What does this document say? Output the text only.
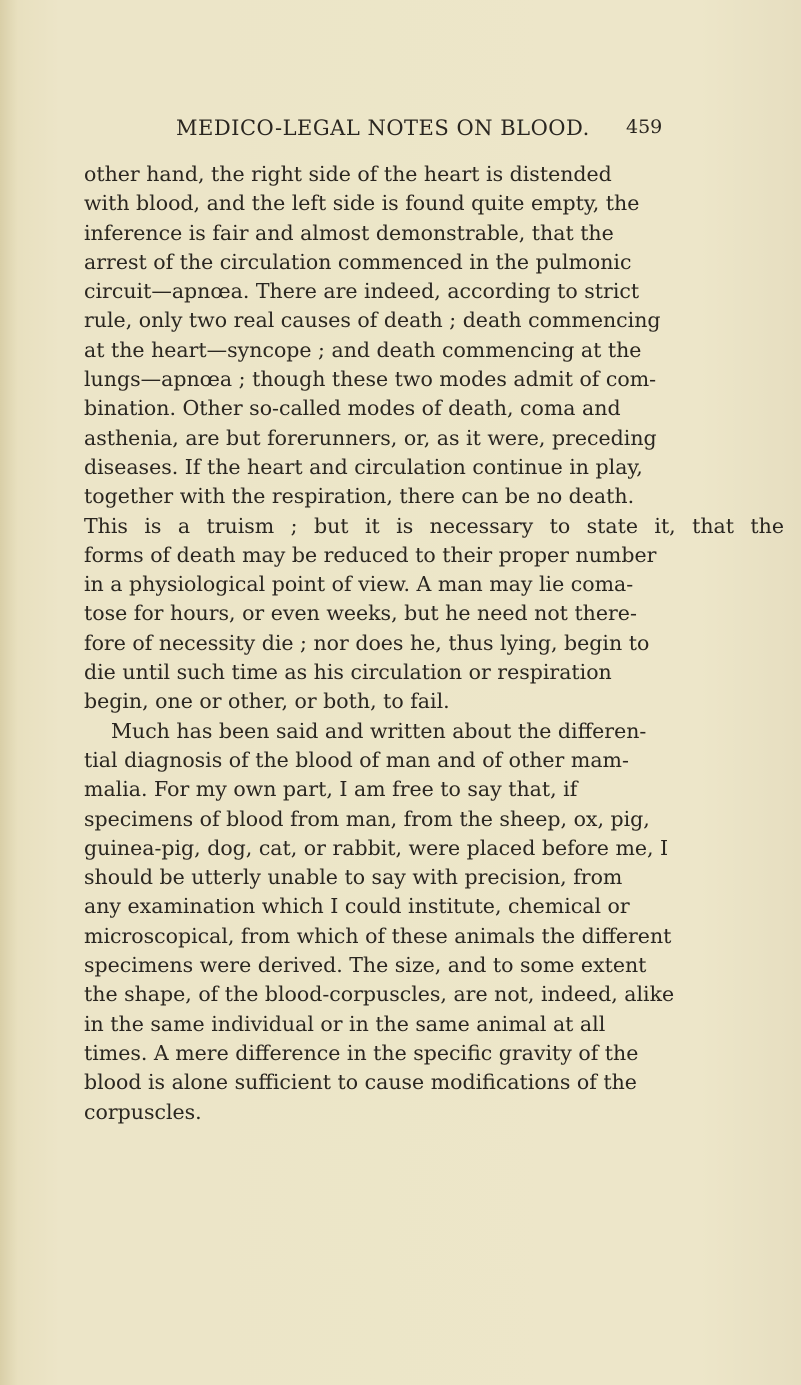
MEDICO-LEGAL NOTES ON BLOOD. 459
other hand, the right side of the heart is distended
with blood, and the left side is found quite empty, the
inference is fair and almost demonstrable, that the
arrest of the circulation commenced in the pulmonic
circuit—apnœa. There are indeed, according to strict
rule, only two real causes of death ; death commencing
at the heart—syncope ; and death commencing at the
lungs—apnœa ; though these two modes admit of com-
bination. Other so-called modes of death, coma and
asthenia, are but forerunners, or, as it were, preceding
diseases. If the heart and circulation continue in play,
together with the respiration, there can be no death.
This is a truism ; but it is necessary to state it, that the
forms of death may be reduced to their proper number
in a physiological point of view. A man may lie coma-
tose for hours, or even weeks, but he need not there-
fore of necessity die ; nor does he, thus lying, begin to
die until such time as his circulation or respiration
begin, one or other, or both, to fail.
Much has been said and written about the differen-
tial diagnosis of the blood of man and of other mam-
malia. For my own part, I am free to say that, if
specimens of blood from man, from the sheep, ox, pig,
guinea-pig, dog, cat, or rabbit, were placed before me, I
should be utterly unable to say with precision, from
any examination which I could institute, chemical or
microscopical, from which of these animals the different
specimens were derived. The size, and to some extent
the shape, of the blood-corpuscles, are not, indeed, alike
in the same individual or in the same animal at all
times. A mere difference in the specific gravity of the
blood is alone sufficient to cause modifications of the
corpuscles.
